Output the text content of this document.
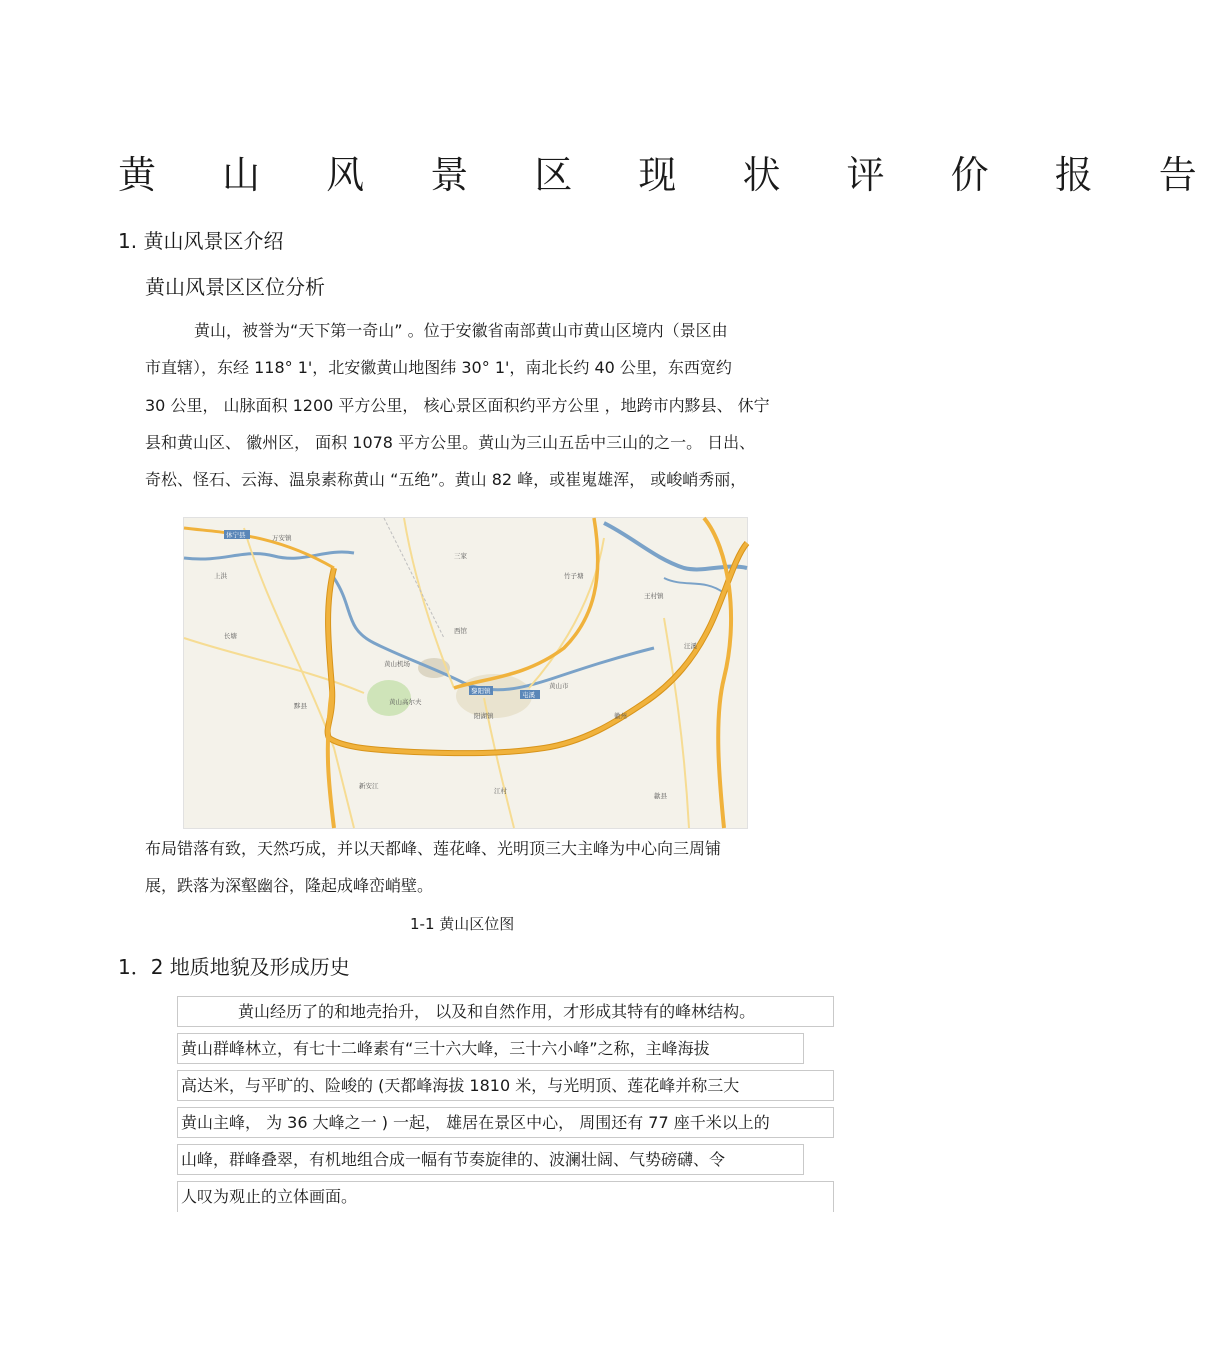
黄 山 风 景 区 现 状 评 价 报 告
1. 黄山风景区介绍
黄山风景区区位分析
黄山，被誉为“天下第一奇山” 。位于安徽省南部黄山市黄山区境内（景区由
市直辖），东经 118° 1'，北安徽黄山地图纬 30° 1'，南北长约 40 公里，东西宽约
30 公里， 山脉面积 1200 平方公里， 核心景区面积约平方公里 ，地跨市内黟县、 休宁
县和黄山区、 徽州区， 面积 1078 平方公里。黄山为三山五岳中三山的之一。 日出、
奇松、怪石、云海、温泉素称黄山 “五绝”。黄山 82 峰，或崔嵬雄浑， 或峻峭秀丽，
休宁县
黄山机场
黄山高尔夫
黎阳镇	屯溪
黄山市
阳湖镇
万安镇
王村镇
竹子塘
三家
上洪
西馆
长塘
徽州
新安江
汪溪
歙县
黟县
江村
布局错落有致，天然巧成，并以天都峰、莲花峰、光明顶三大主峰为中心向三周铺
展，跌落为深壑幽谷，隆起成峰峦峭壁。
1-1 黄山区位图
1．2 地质地貌及形成历史
黄山经历了的和地壳抬升， 以及和自然作用，才形成其特有的峰林结构。
黄山群峰林立，有七十二峰素有“三十六大峰，三十六小峰”之称，主峰海拔
高达米，与平旷的、险峻的 (天都峰海拔 1810 米，与光明顶、莲花峰并称三大
黄山主峰， 为 36 大峰之一 ) 一起， 雄居在景区中心， 周围还有 77 座千米以上的
山峰，群峰叠翠，有机地组合成一幅有节奏旋律的、波澜壮阔、气势磅礴、令
人叹为观止的立体画面。
